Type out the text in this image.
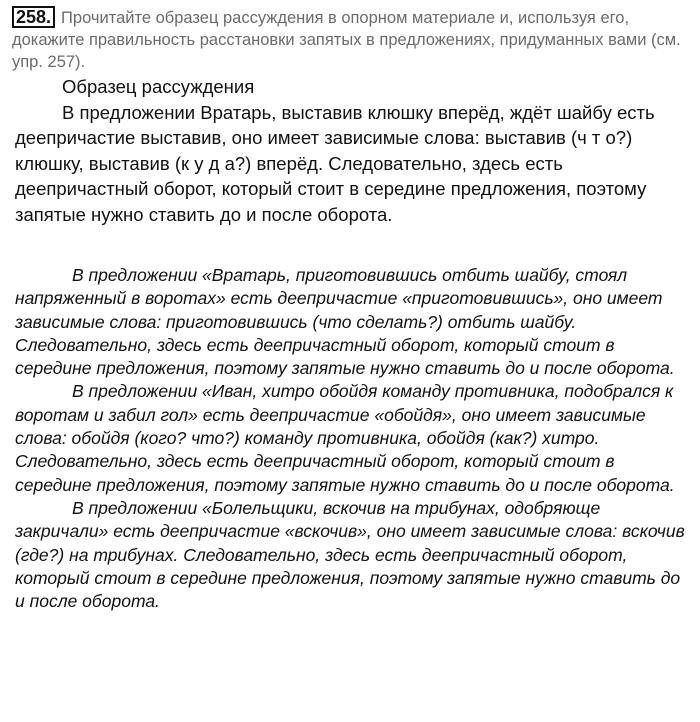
258. Прочитайте образец рассуждения в опорном материале и, используя его, докажите правильность расстановки запятых в предложениях, придуманных вами (см. упр. 257).
Образец рассуждения

В предложении Вратарь, выставив клюшку вперёд, ждёт шайбу есть деепричастие выставив, оно имеет зависимые слова: выставив (ч т о?) клюшку, выставив (к у д а?) вперёд. Следовательно, здесь есть деепричастный оборот, который стоит в середине предложения, поэтому запятые нужно ставить до и после оборота.

В предложении «Вратарь, приготовившись отбить шайбу, стоял напряженный в воротах» есть деепричастие «приготовившись», оно имеет зависимые слова: приготовившись (что сделать?) отбить шайбу. Следовательно, здесь есть деепричастный оборот, который стоит в середине предложения, поэтому запятые нужно ставить до и после оборота.

В предложении «Иван, хитро обойдя команду противника, подобрался к воротам и забил гол» есть деепричастие «обойдя», оно имеет зависимые слова: обойдя (кого? что?) команду противника, обойдя (как?) хитро. Следовательно, здесь есть деепричастный оборот, который стоит в середине предложения, поэтому запятые нужно ставить до и после оборота.

В предложении «Болельщики, вскочив на трибунах, одобряюще закричали» есть деепричастие «вскочив», оно имеет зависимые слова: вскочив (где?) на трибунах. Следовательно, здесь есть деепричастный оборот, который стоит в середине предложения, поэтому запятые нужно ставить до и после оборота.
